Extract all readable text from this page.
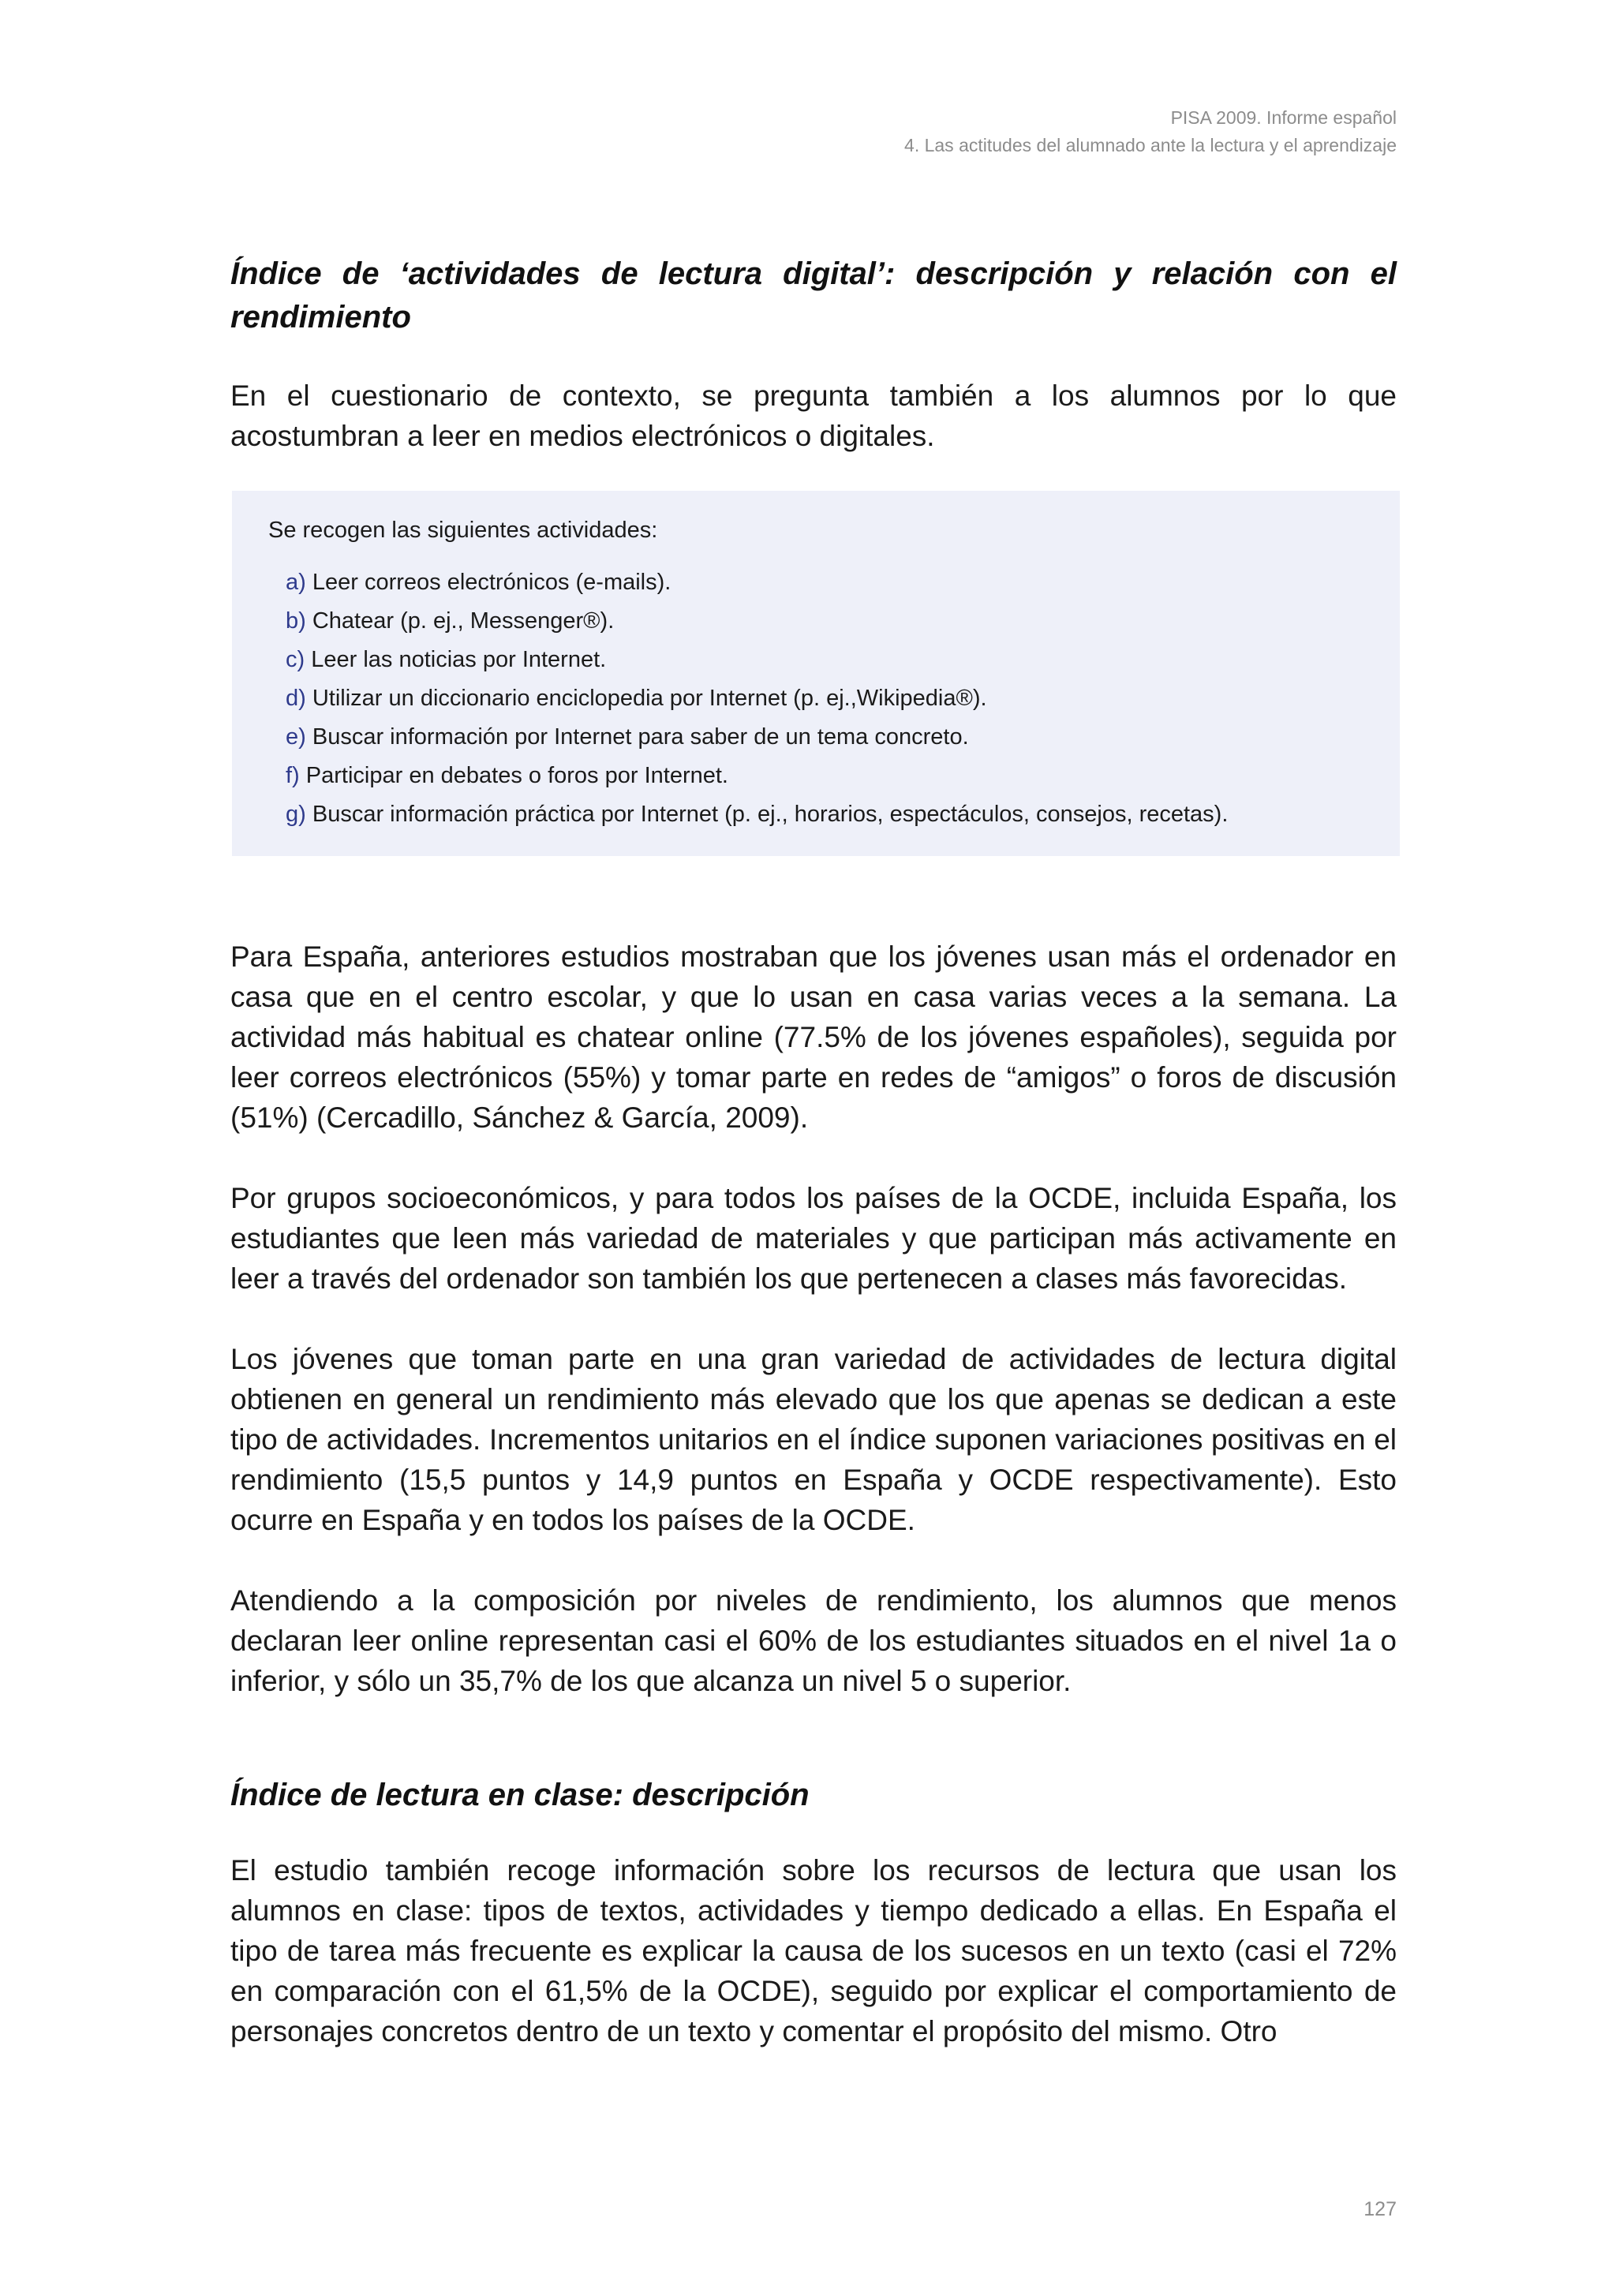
PISA 2009. Informe español
4. Las actitudes del alumnado ante la lectura y el aprendizaje
Índice de ‘actividades de lectura digital’: descripción y relación con el rendimiento

En el cuestionario de contexto, se pregunta también a los alumnos por lo que acostumbran a leer en medios electrónicos o digitales.

Se recogen las siguientes actividades:
a) Leer correos electrónicos (e-mails).
b) Chatear (p. ej., Messenger®).
c) Leer las noticias por Internet.
d) Utilizar un diccionario enciclopedia por Internet (p. ej.,Wikipedia®).
e) Buscar información por Internet para saber de un tema concreto.
f) Participar en debates o foros por Internet.
g) Buscar información práctica por Internet (p. ej., horarios, espectáculos, consejos, recetas).

Para España, anteriores estudios mostraban que los jóvenes usan más el ordenador en casa que en el centro escolar, y que lo usan en casa varias veces a la semana. La actividad más habitual es chatear online (77.5% de los jóvenes españoles), seguida por leer correos electrónicos (55%) y tomar parte en redes de “amigos” o foros de discusión (51%) (Cercadillo, Sánchez & García, 2009).

Por grupos socioeconómicos, y para todos los países de la OCDE, incluida España, los estudiantes que leen más variedad de materiales y que participan más activamente en leer a través del ordenador son también los que pertenecen a clases más favorecidas.

Los jóvenes que toman parte en una gran variedad de actividades de lectura digital obtienen en general un rendimiento más elevado que los que apenas se dedican a este tipo de actividades. Incrementos unitarios en el índice suponen variaciones positivas en el rendimiento (15,5 puntos y 14,9 puntos en España y OCDE respectivamente). Esto ocurre en España y en todos los países de la OCDE.

Atendiendo a la composición por niveles de rendimiento, los alumnos que menos declaran leer online representan casi el 60% de los estudiantes situados en el nivel 1a o inferior, y sólo un 35,7% de los que alcanza un nivel 5 o superior.

Índice de lectura en clase: descripción

El estudio también recoge información sobre los recursos de lectura que usan los alumnos en clase: tipos de textos, actividades y tiempo dedicado a ellas. En España el tipo de tarea más frecuente es explicar la causa de los sucesos en un texto (casi el 72% en comparación con el 61,5% de la OCDE), seguido por explicar el comportamiento de personajes concretos dentro de un texto y comentar el propósito del mismo. Otro

127
